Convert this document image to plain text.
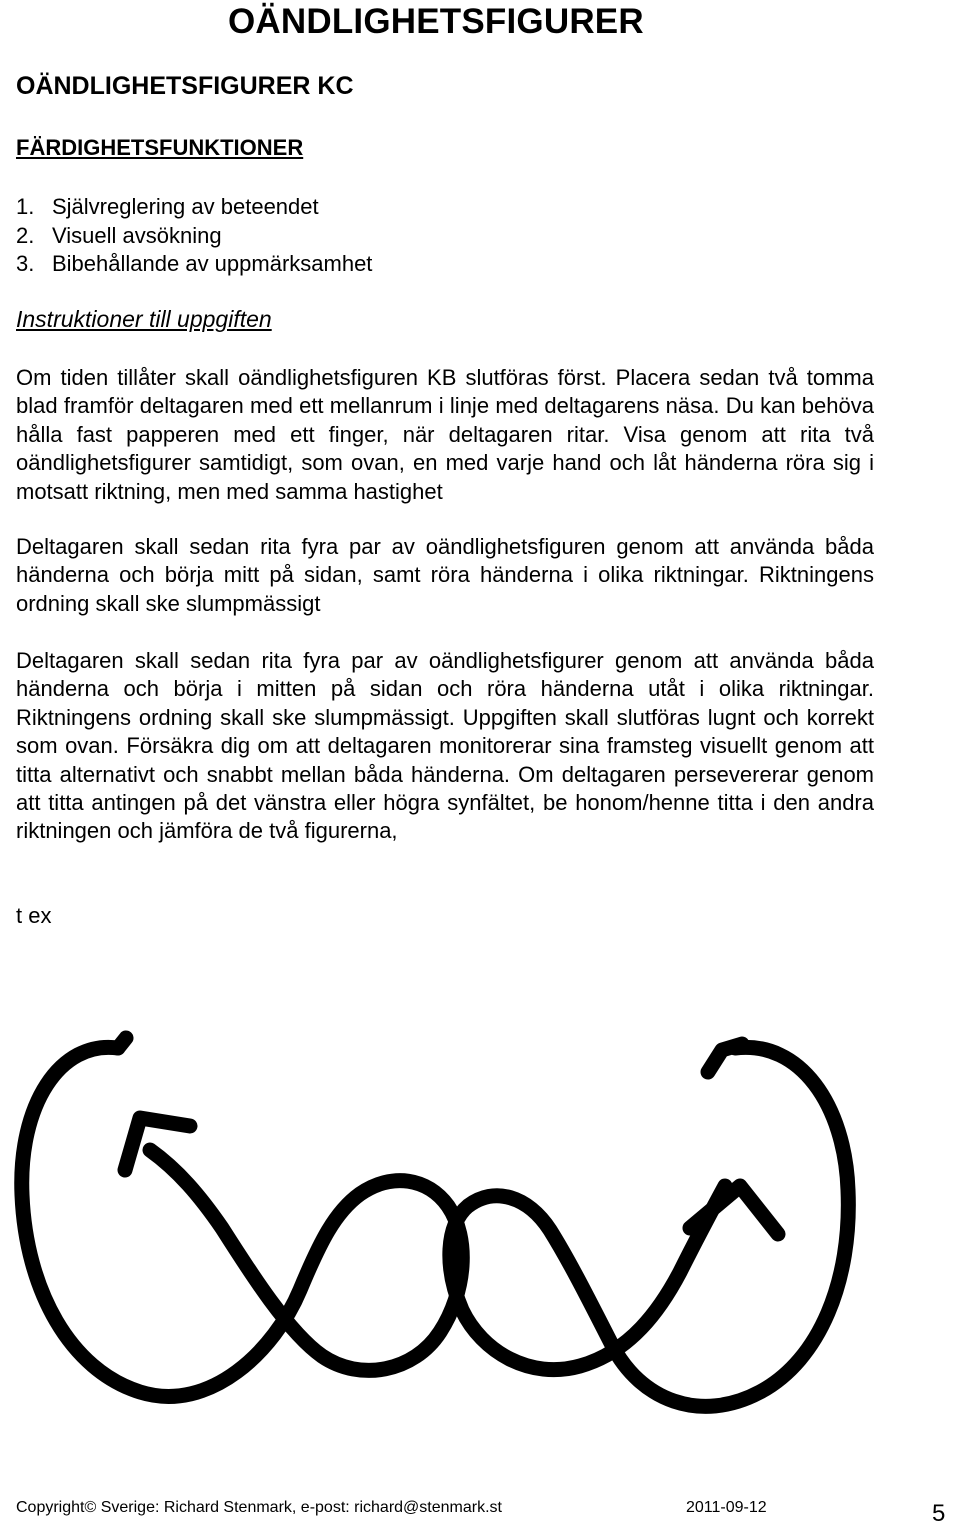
OÄNDLIGHETSFIGURER
OÄNDLIGHETSFIGURER KC
FÄRDIGHETSFUNKTIONER
1. Självreglering av beteendet
2. Visuell avsökning
3. Bibehållande av uppmärksamhet
Instruktioner till uppgiften

Om tiden tillåter skall oändlighetsfiguren KB slutföras först. Placera sedan två tomma blad framför deltagaren med ett mellanrum i linje med deltagarens näsa. Du kan behöva hålla fast papperen med ett finger, när deltagaren ritar. Visa genom att rita två oändlighetsfigurer samtidigt, som ovan, en med varje hand och låt händerna röra sig i motsatt riktning, men med samma hastighet

Deltagaren skall sedan rita fyra par av oändlighetsfiguren genom att använda båda händerna och börja mitt på sidan, samt röra händerna i olika riktningar. Riktningens ordning skall ske slumpmässigt

Deltagaren skall sedan rita fyra par av oändlighetsfigurer genom att använda båda händerna och börja i mitten på sidan och röra händerna utåt i olika riktningar. Riktningens ordning skall ske slumpmässigt. Uppgiften skall slutföras lugnt och korrekt som ovan. Försäkra dig om att deltagaren monitorerar sina framsteg visuellt genom att titta alternativt och snabbt mellan båda händerna. Om deltagaren persevererar genom att titta antingen på det vänstra eller högra synfältet, be honom/henne titta i den andra riktningen och jämföra de två figurerna,

t ex
Copyright© Sverige: Richard Stenmark, e-post: richard@stenmark.st	2011-09-12	5
